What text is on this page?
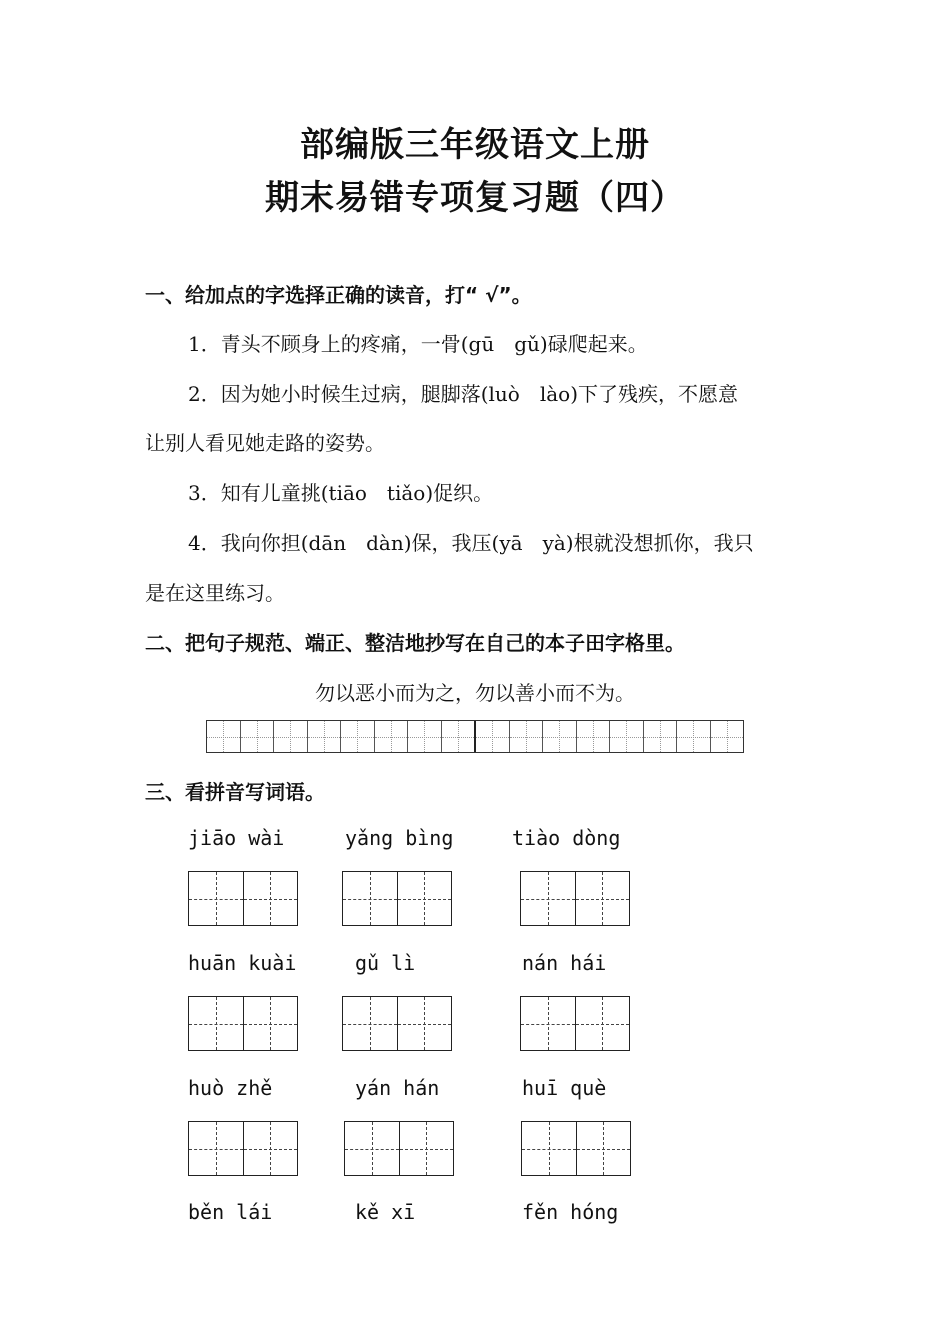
部编版三年级语文上册
期末易错专项复习题（四）
一、给加点的字选择正确的读音，打“ √”。
1．青头不顾身上的疼痛，一骨(gū　gǔ)碌爬起来。
2．因为她小时候生过病，腿脚落(luò　lào)下了残疾，不愿意
让别人看见她走路的姿势。
3．知有儿童挑(tiāo　tiǎo)促织。
4．我向你担(dān　dàn)保，我压(yā　yà)根就没想抓你，我只
是在这里练习。
二、把句子规范、端正、整洁地抄写在自己的本子田字格里。
勿以恶小而为之，勿以善小而不为。
三、看拼音写词语。
jiāo wài	yǎng bìng	tiào dòng
huān kuài	gǔ lì	nán hái
huò zhě	yán hán	huī què
běn lái	kě xī	fěn hóng
